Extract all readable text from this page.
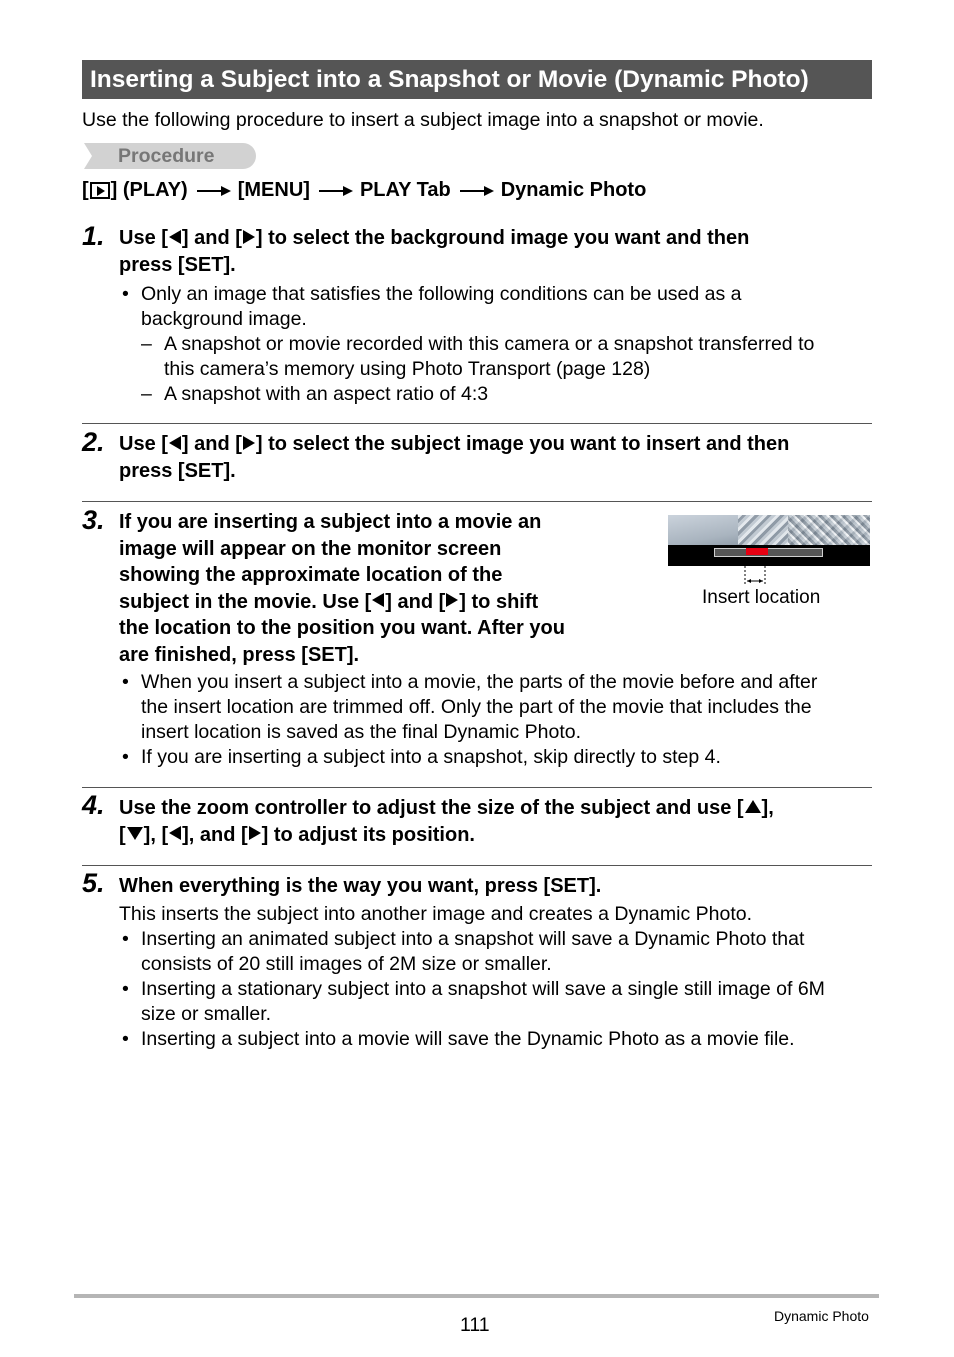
Inserting a Subject into a Snapshot or Movie (Dynamic Photo)
Use the following procedure to insert a subject image into a snapshot or movie.
Procedure
[ ] (PLAY)	[MENU]	PLAY Tab	Dynamic Photo
1. Use [ ] and [ ] to select the background image you want and then
press [SET].
• Only an image that satisfies the following conditions can be used as a
background image.
– A snapshot or movie recorded with this camera or a snapshot transferred to
this camera’s memory using Photo Transport (page 128)
– A snapshot with an aspect ratio of 4:3
2. Use [ ] and [ ] to select the subject image you want to insert and then
press [SET].
3. If you are inserting a subject into a movie an
image will appear on the monitor screen
showing the approximate location of the
subject in the movie. Use [ ] and [ ] to shift
the location to the position you want. After you
are finished, press [SET].
Insert location
• When you insert a subject into a movie, the parts of the movie before and after
the insert location are trimmed off. Only the part of the movie that includes the
insert location is saved as the final Dynamic Photo.
• If you are inserting a subject into a snapshot, skip directly to step 4.
4. Use the zoom controller to adjust the size of the subject and use [ ],
[ ], [ ], and [ ] to adjust its position.
5. When everything is the way you want, press [SET].
This inserts the subject into another image and creates a Dynamic Photo.
• Inserting an animated subject into a snapshot will save a Dynamic Photo that
consists of 20 still images of 2M size or smaller.
• Inserting a stationary subject into a snapshot will save a single still image of 6M
size or smaller.
• Inserting a subject into a movie will save the Dynamic Photo as a movie file.
111	Dynamic Photo
